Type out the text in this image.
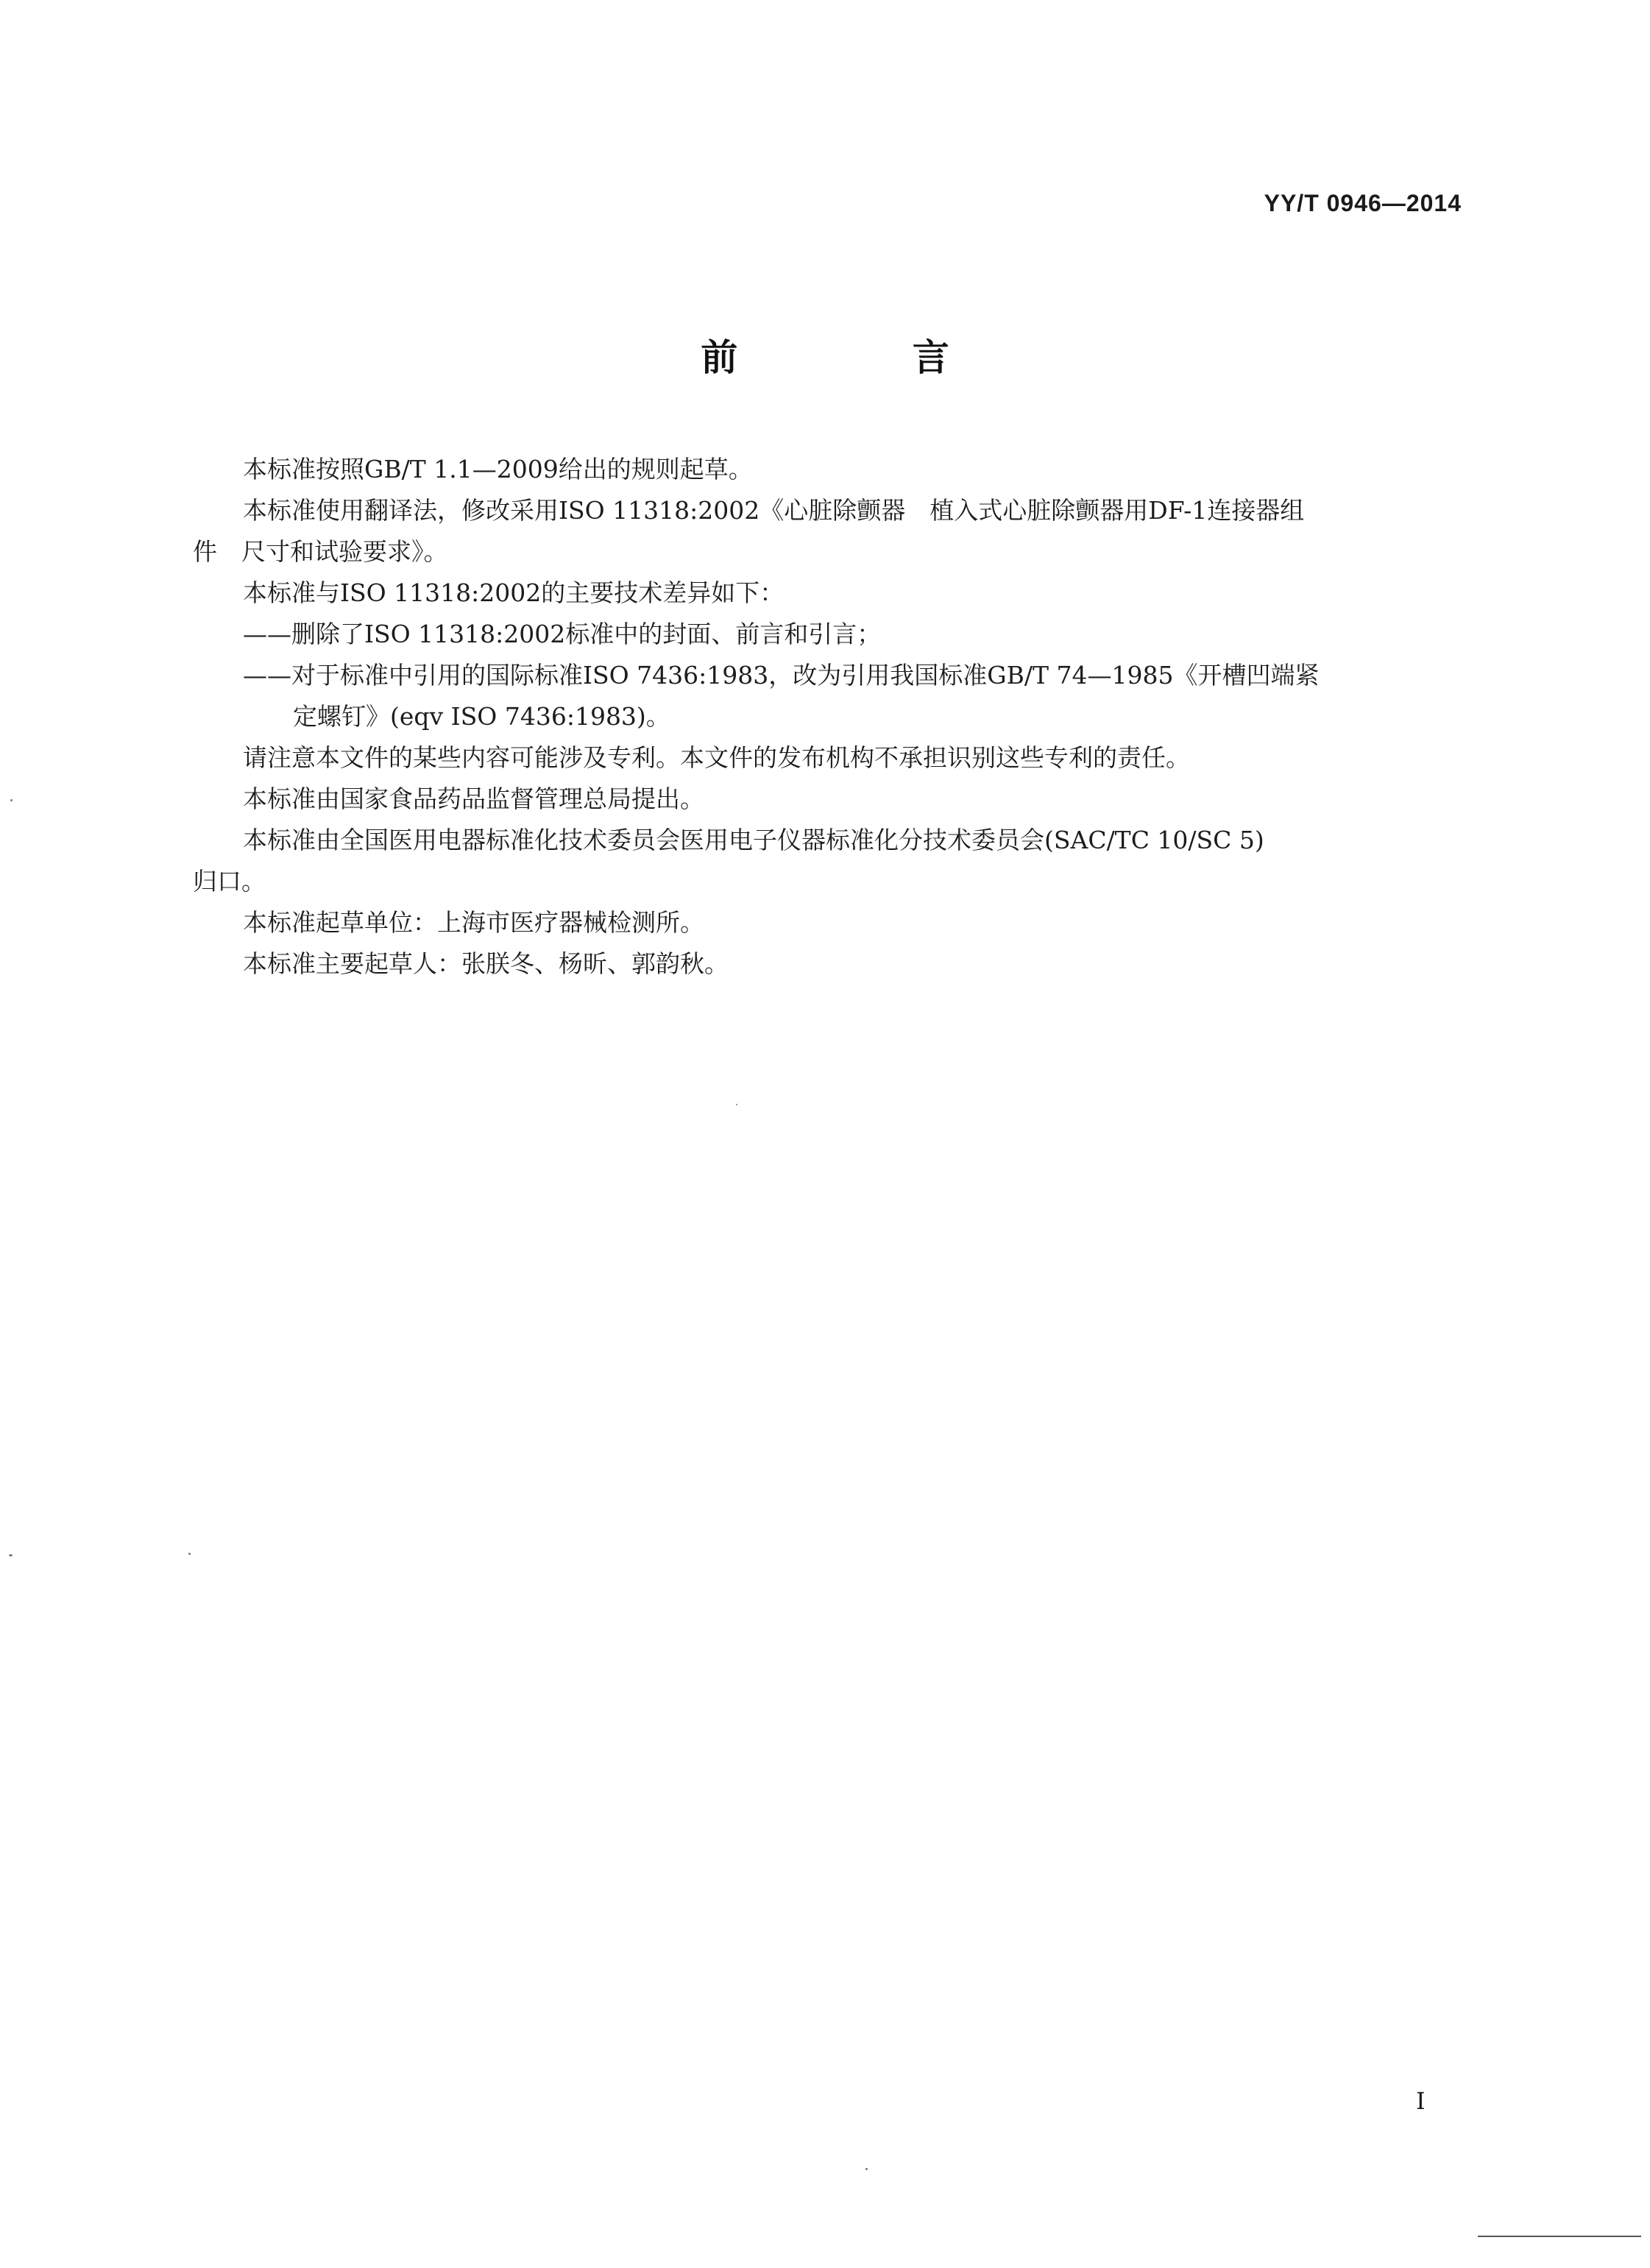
YY/T 0946—2014
前 言

本标准按照GB/T 1.1—2009给出的规则起草。

本标准使用翻译法，修改采用ISO 11318:2002《心脏除颤器　植入式心脏除颤器用DF-1连接器组

件　尺寸和试验要求》。

本标准与ISO 11318:2002的主要技术差异如下：

——删除了ISO 11318:2002标准中的封面、前言和引言；

——对于标准中引用的国际标准ISO 7436:1983，改为引用我国标准GB/T 74—1985《开槽凹端紧
定螺钉》(eqv ISO 7436:1983)。

请注意本文件的某些内容可能涉及专利。本文件的发布机构不承担识别这些专利的责任。

本标准由国家食品药品监督管理总局提出。

本标准由全国医用电器标准化技术委员会医用电子仪器标准化分技术委员会(SAC/TC 10/SC 5)

归口。

本标准起草单位：上海市医疗器械检测所。

本标准主要起草人：张朕冬、杨昕、郭韵秋。

I
